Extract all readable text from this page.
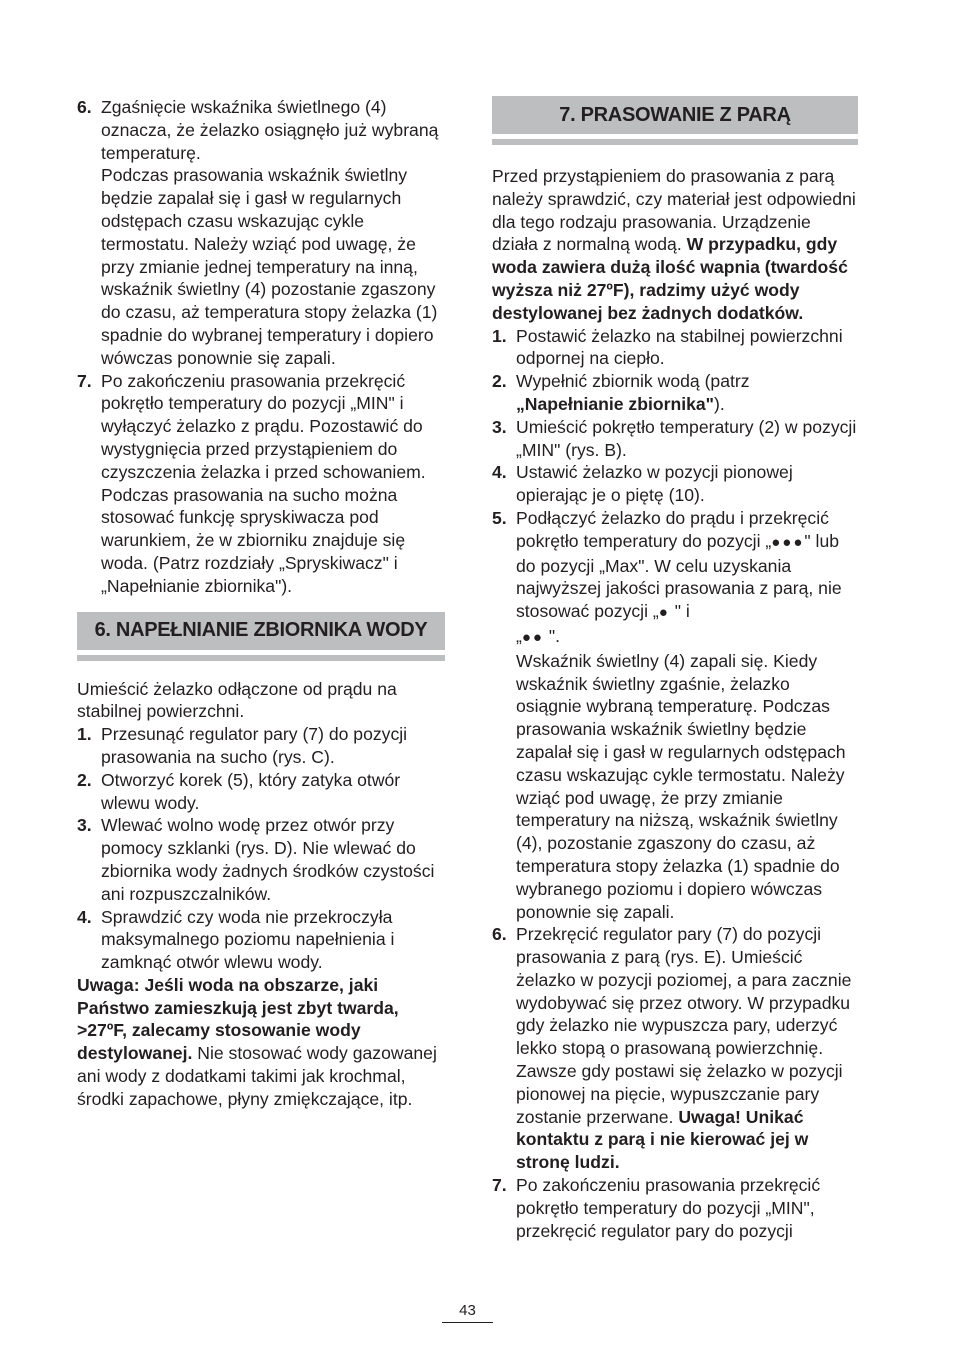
6. Zgaśnięcie wskaźnika świetlnego (4) oznacza, że żelazko osiągnęło już wybraną temperaturę.
Podczas prasowania wskaźnik świetlny będzie zapalał się i gasł w regularnych odstępach czasu wskazując cykle termostatu. Należy wziąć pod uwagę, że przy zmianie jednej temperatury na inną, wskaźnik świetlny (4) pozostanie zgaszony do czasu, aż temperatura stopy żelazka (1) spadnie do wybranej temperatury i dopiero wówczas ponownie się zapali.
7. Po zakończeniu prasowania przekręcić pokrętło temperatury do pozycji „MIN" i wyłączyć żelazko z prądu. Pozostawić do wystygnięcia przed przystąpieniem do czyszczenia żelazka i przed schowaniem.
Podczas prasowania na sucho można stosować funkcję spryskiwacza pod warunkiem, że w zbiorniku znajduje się woda. (Patrz rozdziały „Spryskiwacz" i „Napełnianie zbiornika").
6. NAPEŁNIANIE ZBIORNIKA WODY
Umieścić żelazko odłączone od prądu na stabilnej powierzchni.
1. Przesunąć regulator pary (7) do pozycji prasowania na sucho (rys. C).
2. Otworzyć korek (5), który zatyka otwór wlewu wody.
3. Wlewać wolno wodę przez otwór przy pomocy szklanki (rys. D). Nie wlewać do zbiornika wody żadnych środków czystości ani rozpuszczalników.
4. Sprawdzić czy woda nie przekroczyła maksymalnego poziomu napełnienia i zamknąć otwór wlewu wody.
Uwaga: Jeśli woda na obszarze, jaki Państwo zamieszkują jest zbyt twarda, >27ºF, zalecamy stosowanie wody destylowanej. Nie stosować wody gazowanej ani wody z dodatkami takimi jak krochmal, środki zapachowe, płyny zmiękczające, itp.
7. PRASOWANIE Z PARĄ
Przed przystąpieniem do prasowania z parą należy sprawdzić, czy materiał jest odpowiedni dla tego rodzaju prasowania. Urządzenie działa z normalną wodą. W przypadku, gdy woda zawiera dużą ilość wapnia (twardość wyższa niż 27ºF), radzimy użyć wody destylowanej bez żadnych dodatków.
1. Postawić żelazko na stabilnej powierzchni odpornej na ciepło.
2. Wypełnić zbiornik wodą (patrz „Napełnianie zbiornika").
3. Umieścić pokrętło temperatury (2) w pozycji „MIN" (rys. B).
4. Ustawić żelazko w pozycji pionowej opierając je o piętę (10).
5. Podłączyć żelazko do prądu i przekręcić pokrętło temperatury do pozycji „●●●" lub do pozycji „Max". W celu uzyskania najwyższej jakości prasowania z parą, nie stosować pozycji „● " i
„●● ".
Wskaźnik świetlny (4) zapali się. Kiedy wskaźnik świetlny zgaśnie, żelazko osiągnie wybraną temperaturę. Podczas prasowania wskaźnik świetlny będzie zapalał się i gasł w regularnych odstępach czasu wskazując cykle termostatu. Należy wziąć pod uwagę, że przy zmianie temperatury na niższą, wskaźnik świetlny (4), pozostanie zgaszony do czasu, aż temperatura stopy żelazka (1) spadnie do wybranego poziomu i dopiero wówczas ponownie się zapali.
6. Przekręcić regulator pary (7) do pozycji prasowania z parą (rys. E). Umieścić żelazko w pozycji poziomej, a para zacznie wydobywać się przez otwory. W przypadku gdy żelazko nie wypuszcza pary, uderzyć lekko stopą o prasowaną powierzchnię. Zawsze gdy postawi się żelazko w pozycji pionowej na pięcie, wypuszczanie pary zostanie przerwane. Uwaga! Unikać kontaktu z parą i nie kierować jej w stronę ludzi.
7. Po zakończeniu prasowania przekręcić pokrętło temperatury do pozycji „MIN", przekręcić regulator pary do pozycji
43
